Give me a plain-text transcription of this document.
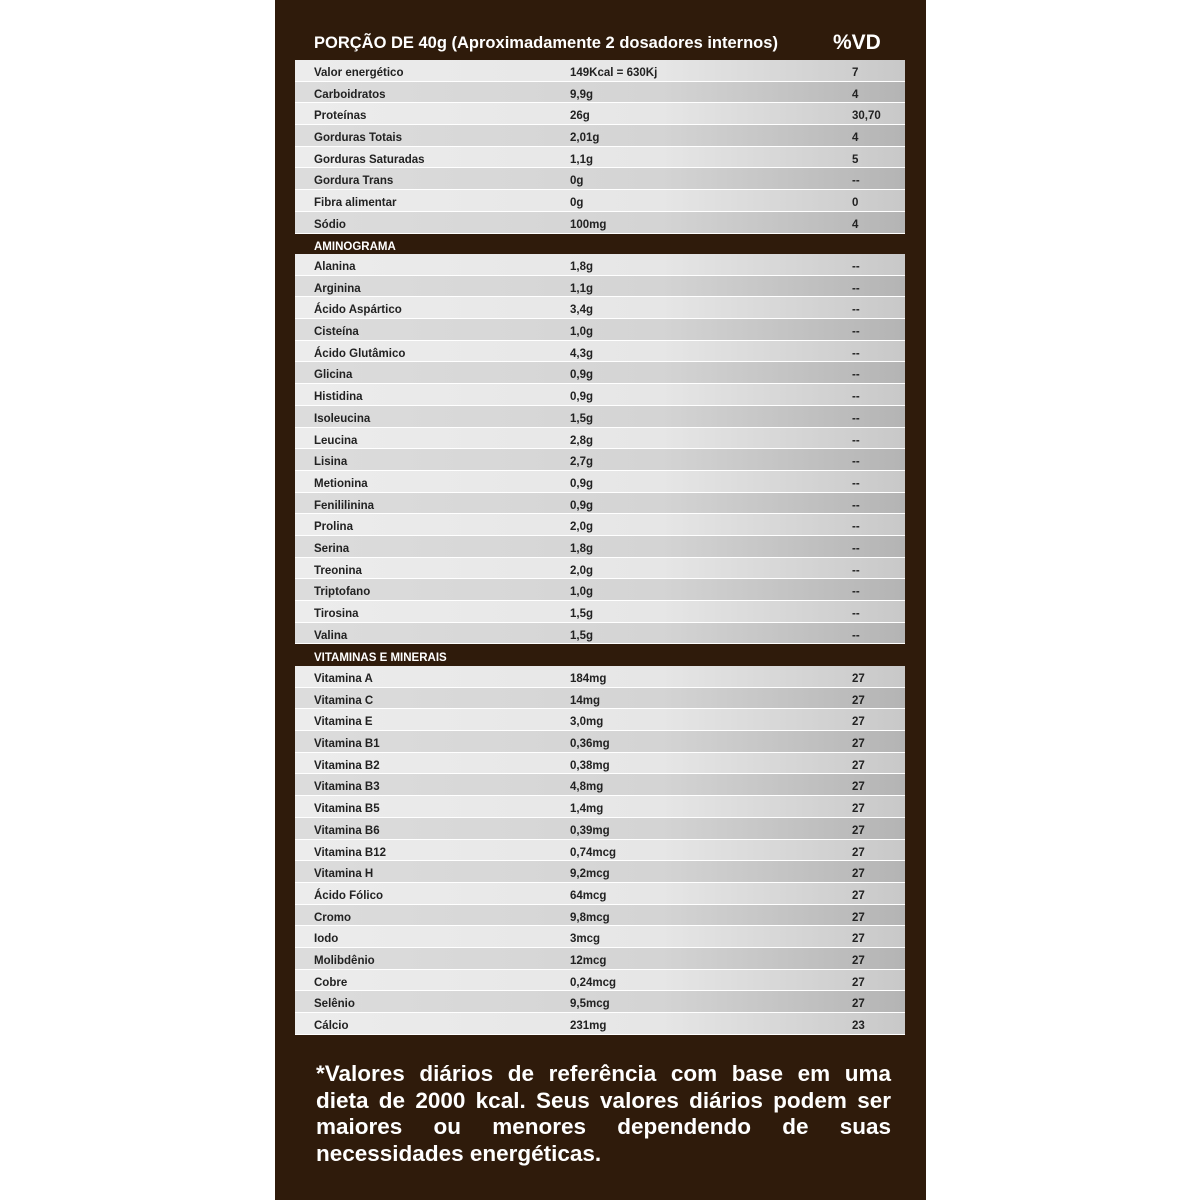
PORÇÃO DE 40g (Aproximadamente 2 dosadores internos)	%VD
Valor energético	149Kcal = 630Kj	7
Carboidratos	9,9g	4
Proteínas	26g	30,70
Gorduras Totais	2,01g	4
Gorduras Saturadas	1,1g	5
Gordura Trans	0g	--
Fibra alimentar	0g	0
Sódio	100mg	4
AMINOGRAMA
Alanina	1,8g	--
Arginina	1,1g	--
Ácido Aspártico	3,4g	--
Cisteína	1,0g	--
Ácido Glutâmico	4,3g	--
Glicina	0,9g	--
Histidina	0,9g	--
Isoleucina	1,5g	--
Leucina	2,8g	--
Lisina	2,7g	--
Metionina	0,9g	--
Fenililinina	0,9g	--
Prolina	2,0g	--
Serina	1,8g	--
Treonina	2,0g	--
Triptofano	1,0g	--
Tirosina	1,5g	--
Valina	1,5g	--
VITAMINAS E MINERAIS
Vitamina A	184mg	27
Vitamina C	14mg	27
Vitamina E	3,0mg	27
Vitamina B1	0,36mg	27
Vitamina B2	0,38mg	27
Vitamina B3	4,8mg	27
Vitamina B5	1,4mg	27
Vitamina B6	0,39mg	27
Vitamina B12	0,74mcg	27
Vitamina H	9,2mcg	27
Ácido Fólico	64mcg	27
Cromo	9,8mcg	27
Iodo	3mcg	27
Molibdênio	12mcg	27
Cobre	0,24mcg	27
Selênio	9,5mcg	27
Cálcio	231mg	23
*Valores diários de referência com base em uma dieta de 2000 kcal. Seus valores diários podem ser maiores ou menores dependendo de suas necessidades energéticas.
